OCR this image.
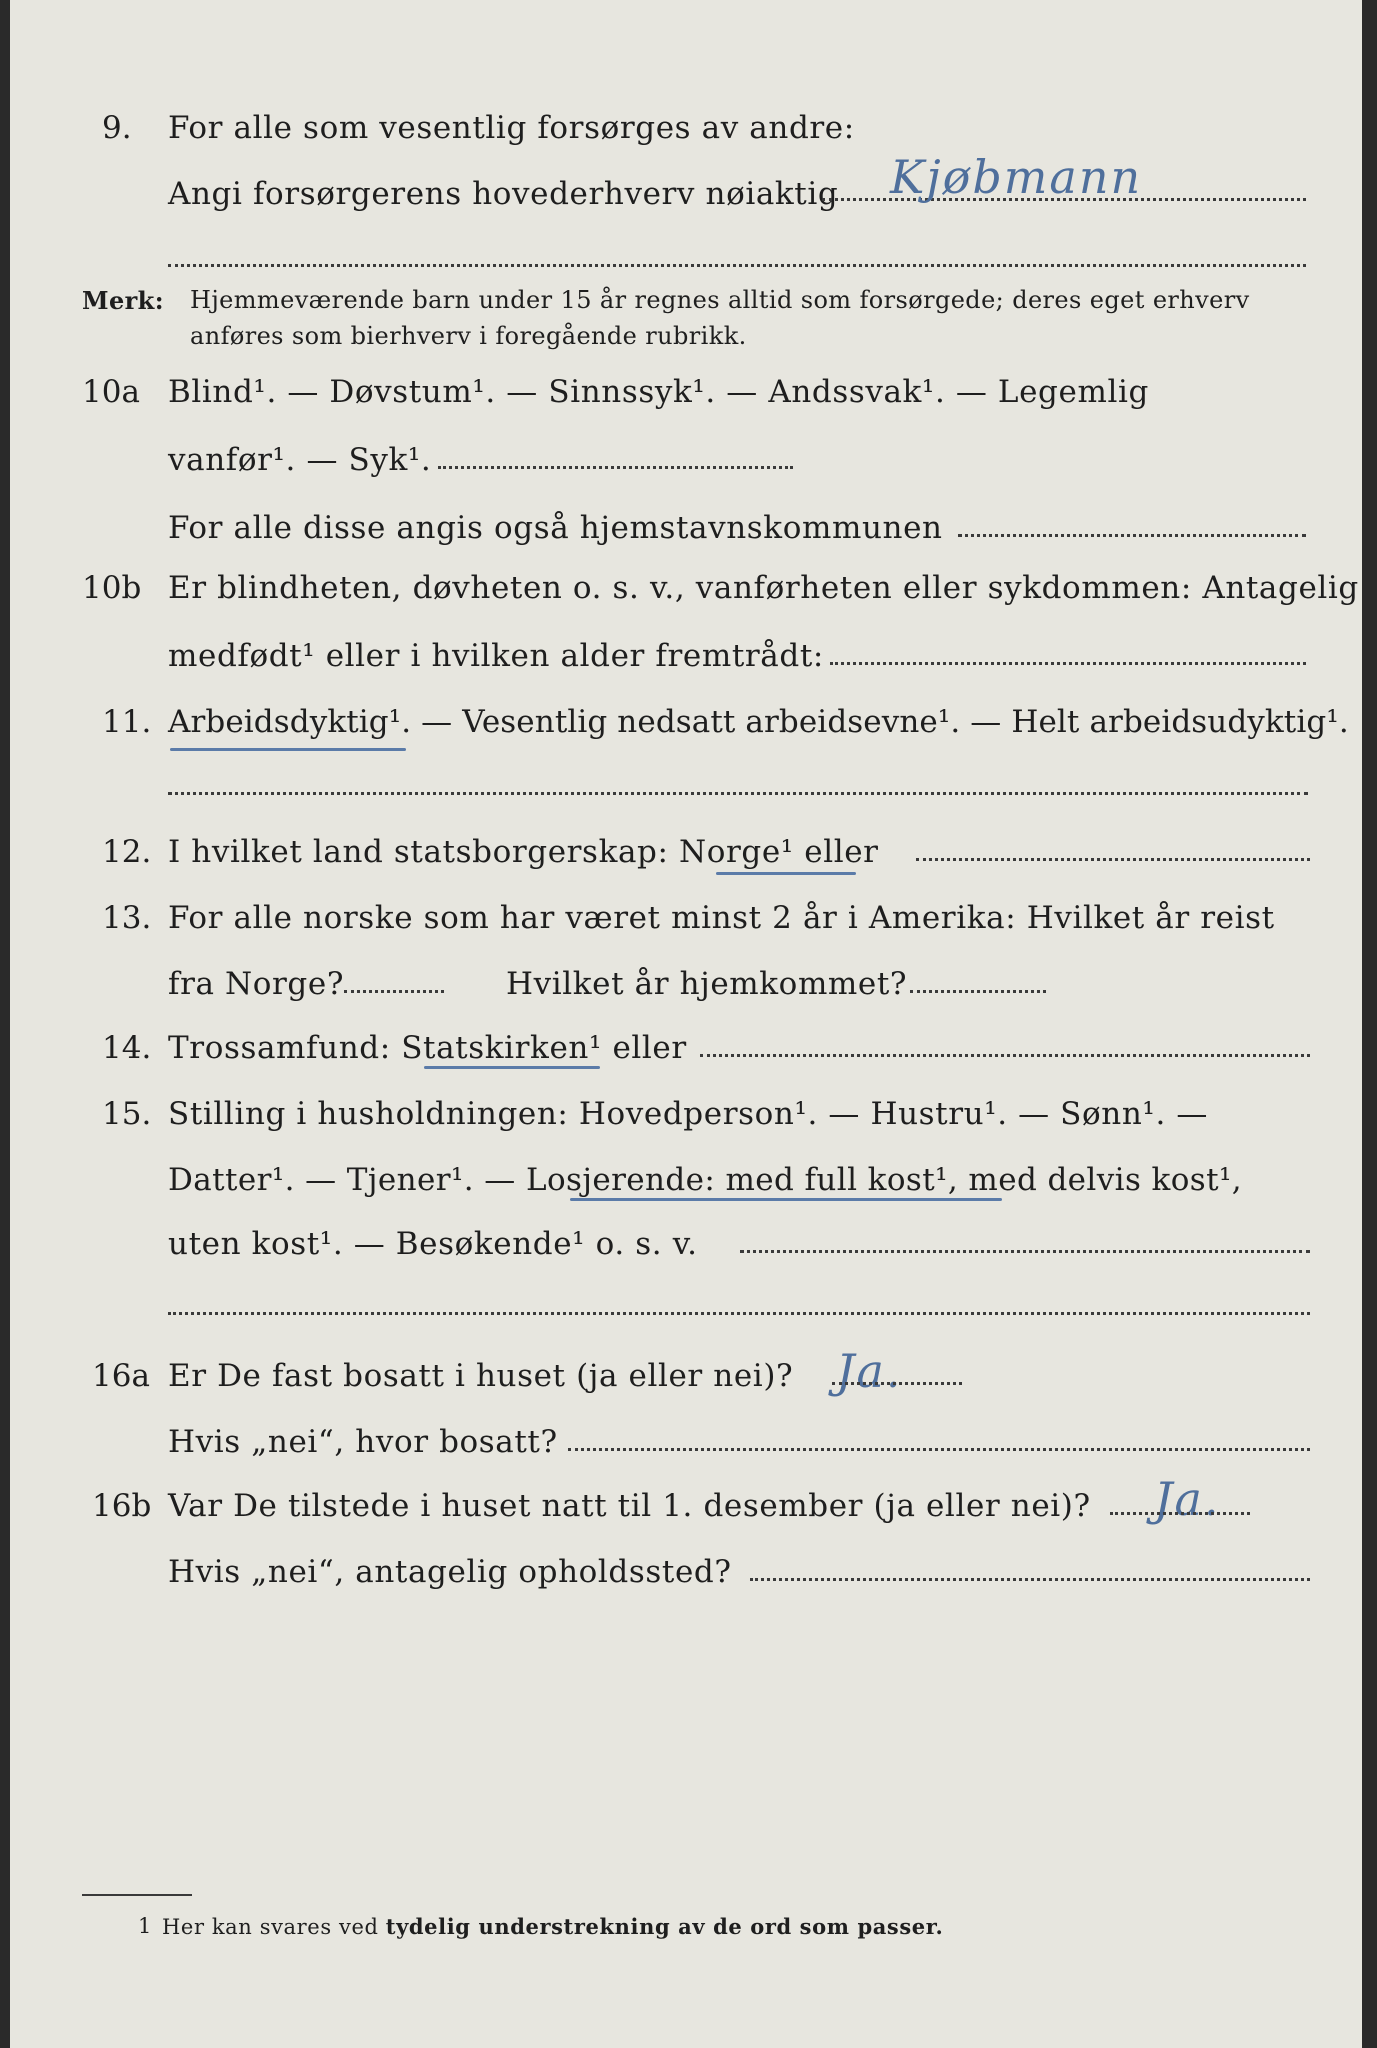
9. For alle som vesentlig forsørges av andre:
Angi forsørgerens hovederhverv nøiaktig Kjøbmann
Merk: Hjemmeværende barn under 15 år regnes alltid som forsørgede; deres eget erhverv
anføres som bierhverv i foregående rubrikk.
10a Blind¹. — Døvstum¹. — Sinnssyk¹. — Andssvak¹. — Legemlig
vanfør¹. — Syk¹.
For alle disse angis også hjemstavnskommunen
10b Er blindheten, døvheten o. s. v., vanførheten eller sykdommen: Antagelig
medfødt¹ eller i hvilken alder fremtrådt:
11. Arbeidsdyktig¹. — Vesentlig nedsatt arbeidsevne¹. — Helt arbeidsudyktig¹.
12. I hvilket land statsborgerskap: Norge¹ eller
13. For alle norske som har været minst 2 år i Amerika: Hvilket år reist
fra Norge?	Hvilket år hjemkommet?
14. Trossamfund: Statskirken¹ eller
15. Stilling i husholdningen: Hovedperson¹. — Hustru¹. — Sønn¹. —
Datter¹. — Tjener¹. — Losjerende: med full kost¹, med delvis kost¹,
uten kost¹. — Besøkende¹ o. s. v.
16a Er De fast bosatt i huset (ja eller nei)? Ja.
Hvis „nei“, hvor bosatt?
16b Var De tilstede i huset natt til 1. desember (ja eller nei)? Ja.
Hvis „nei“, antagelig opholdssted?
1 Her kan svares ved tydelig understrekning av de ord som passer.
